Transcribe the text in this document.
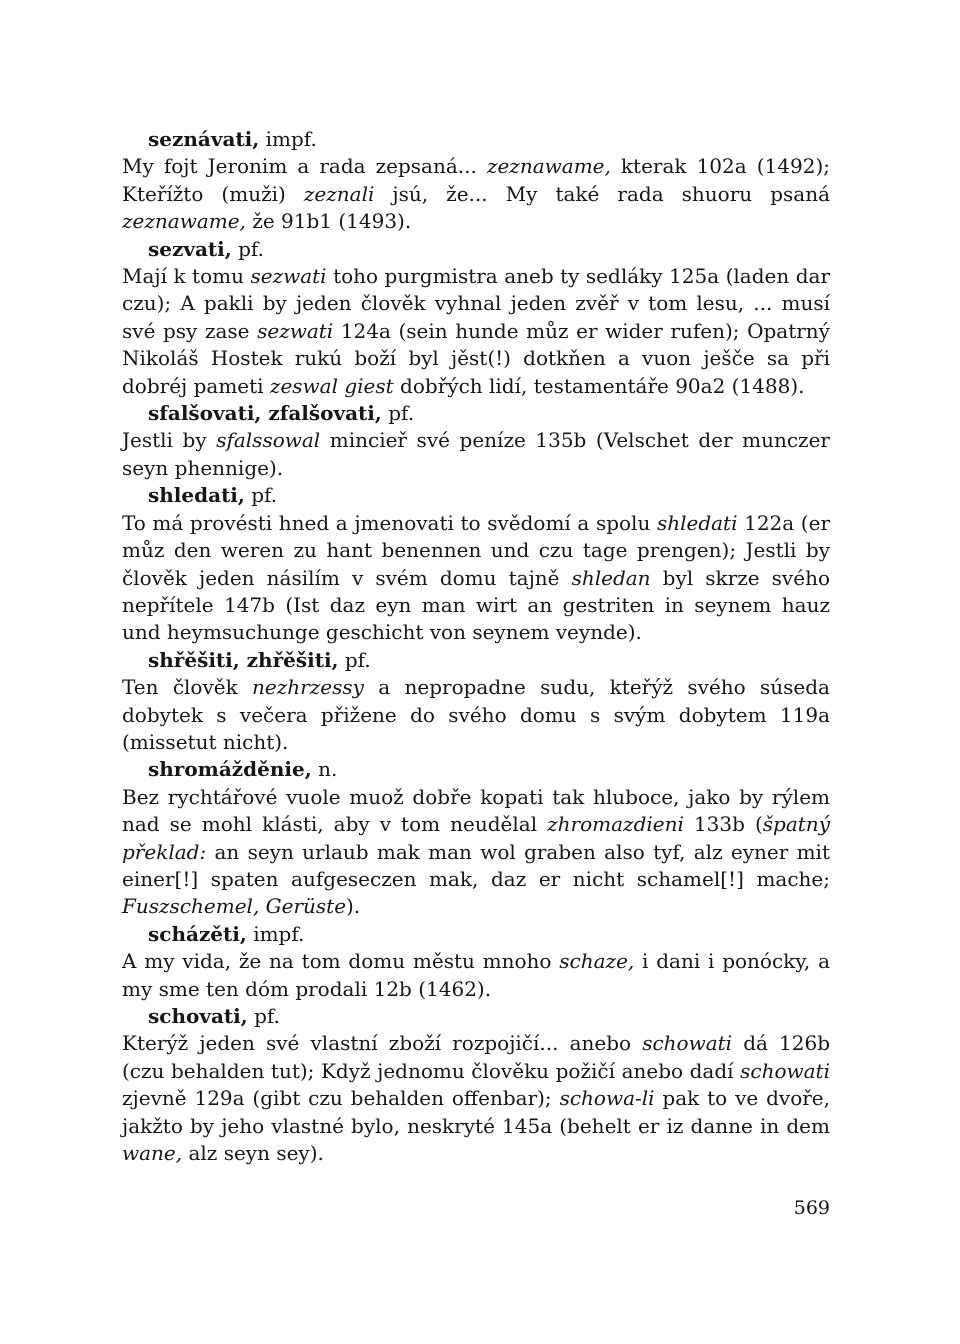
seznávati, impf.

My fojt Jeronim a rada zepsaná... zeznawame, kterak 102a (1492); Kteřížto (muži) zeznali jsú, že... My také rada shuoru psaná zeznawame, že 91b1 (1493).

sezvati, pf.

Mají k tomu sezwati toho purgmistra aneb ty sedláky 125a (laden dar czu); A pakli by jeden člověk vyhnal jeden zvěř v tom lesu, ... musí své psy zase sezwati 124a (sein hunde můz er wider rufen); Opatrný Nikoláš Hostek rukú boží byl jěst(!) dotkňen a vuon ješče sa při dobréj pameti zeswal giest dobřých lidí, testamentáře 90a2 (1488).

sfalšovati, zfalšovati, pf.

Jestli by sfalssowal mincieř své peníze 135b (Velschet der munczer seyn phennige).

shledati, pf.

To má provésti hned a jmenovati to svědomí a spolu shledati 122a (er můz den weren zu hant benennen und czu tage prengen); Jestli by člověk jeden násilím v svém domu tajně shledan byl skrze svého nepřítele 147b (Ist daz eyn man wirt an gestriten in seynem hauz und heymsuchunge geschicht von seynem veynde).

shřěšiti, zhřěšiti, pf.

Ten člověk nezhrzessy a nepropadne sudu, kteřýž svého súseda dobytek s večera přižene do svého domu s svým dobytem 119a (missetut nicht).

shromážděnie, n.

Bez rychtářové vuole muož dobře kopati tak hluboce, jako by rýlem nad se mohl klásti, aby v tom neudělal zhromazdieni 133b (špatný překlad: an seyn urlaub mak man wol graben also tyf, alz eyner mit einer[!] spaten aufgeseczen mak, daz er nicht schamel[!] mache; Fuszschemel, Gerüste).

scházěti, impf.

A my vida, že na tom domu městu mnoho schaze, i dani i ponócky, a my sme ten dóm prodali 12b (1462).

schovati, pf.

Kterýž jeden své vlastní zboží rozpojičí... anebo schowati dá 126b (czu behalden tut); Když jednomu člověku požičí anebo dadí schowati zjevně 129a (gibt czu behalden offenbar); schowa-li pak to ve dvoře, jakžto by jeho vlastné bylo, neskryté 145a (behelt er iz danne in dem wane, alz seyn sey).

569
